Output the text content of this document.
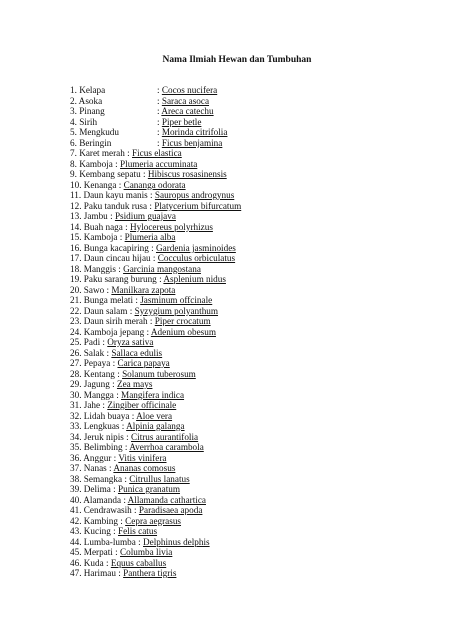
Nama Ilmiah Hewan dan Tumbuhan
1. Kelapa	: Cocos nucifera
2. Asoka	: Saraca asoca
3. Pinang	: Areca catechu
4. Sirih	: Piper betle
5. Mengkudu	: Morinda citrifolia
6. Beringin	: Ficus benjamina
7. Karet merah : Ficus elastica
8. Kamboja : Plumeria accuminata
9. Kembang sepatu : Hibiscus rosasinensis
10. Kenanga : Cananga odorata
11. Daun kayu manis : Sauropus androgynus
12. Paku tanduk rusa : Platycerium bifurcatum
13. Jambu : Psidium guajava
14. Buah naga : Hylocereus polyrhizus
15. Kamboja : Plumeria alba
16. Bunga kacapiring : Gardenia jasminoides
17. Daun cincau hijau : Cocculus orbiculatus
18. Manggis : Garcinia mangostana
19. Paku sarang burung : Asplenium nidus
20. Sawo : Manilkara zapota
21. Bunga melati : Jasminum offcinale
22. Daun salam : Syzygium polyanthum
23. Daun sirih merah : Piper crocatum
24. Kamboja jepang : Adenium obesum
25. Padi : Oryza sativa
26. Salak : Sallaca edulis
27. Pepaya : Carica papaya
28. Kentang : Solanum tuberosum
29. Jagung : Zea mays
30. Mangga : Mangifera indica
31. Jahe : Zingiber officinale
32. Lidah buaya : Aloe vera
33. Lengkuas : Alpinia galanga
34. Jeruk nipis : Citrus aurantifolia
35. Belimbing : Averrhoa carambola
36. Anggur : Vitis vinifera
37. Nanas : Ananas comosus
38. Semangka : Citrullus lanatus
39. Delima : Punica granatum
40. Alamanda : Allamanda cathartica
41. Cendrawasih : Paradisaea apoda
42. Kambing : Cepra aegrasus
43. Kucing : Felis catus
44. Lumba-lumba : Delphinus delphis
45. Merpati : Columba livia
46. Kuda : Equus caballus
47. Harimau : Panthera tigris
